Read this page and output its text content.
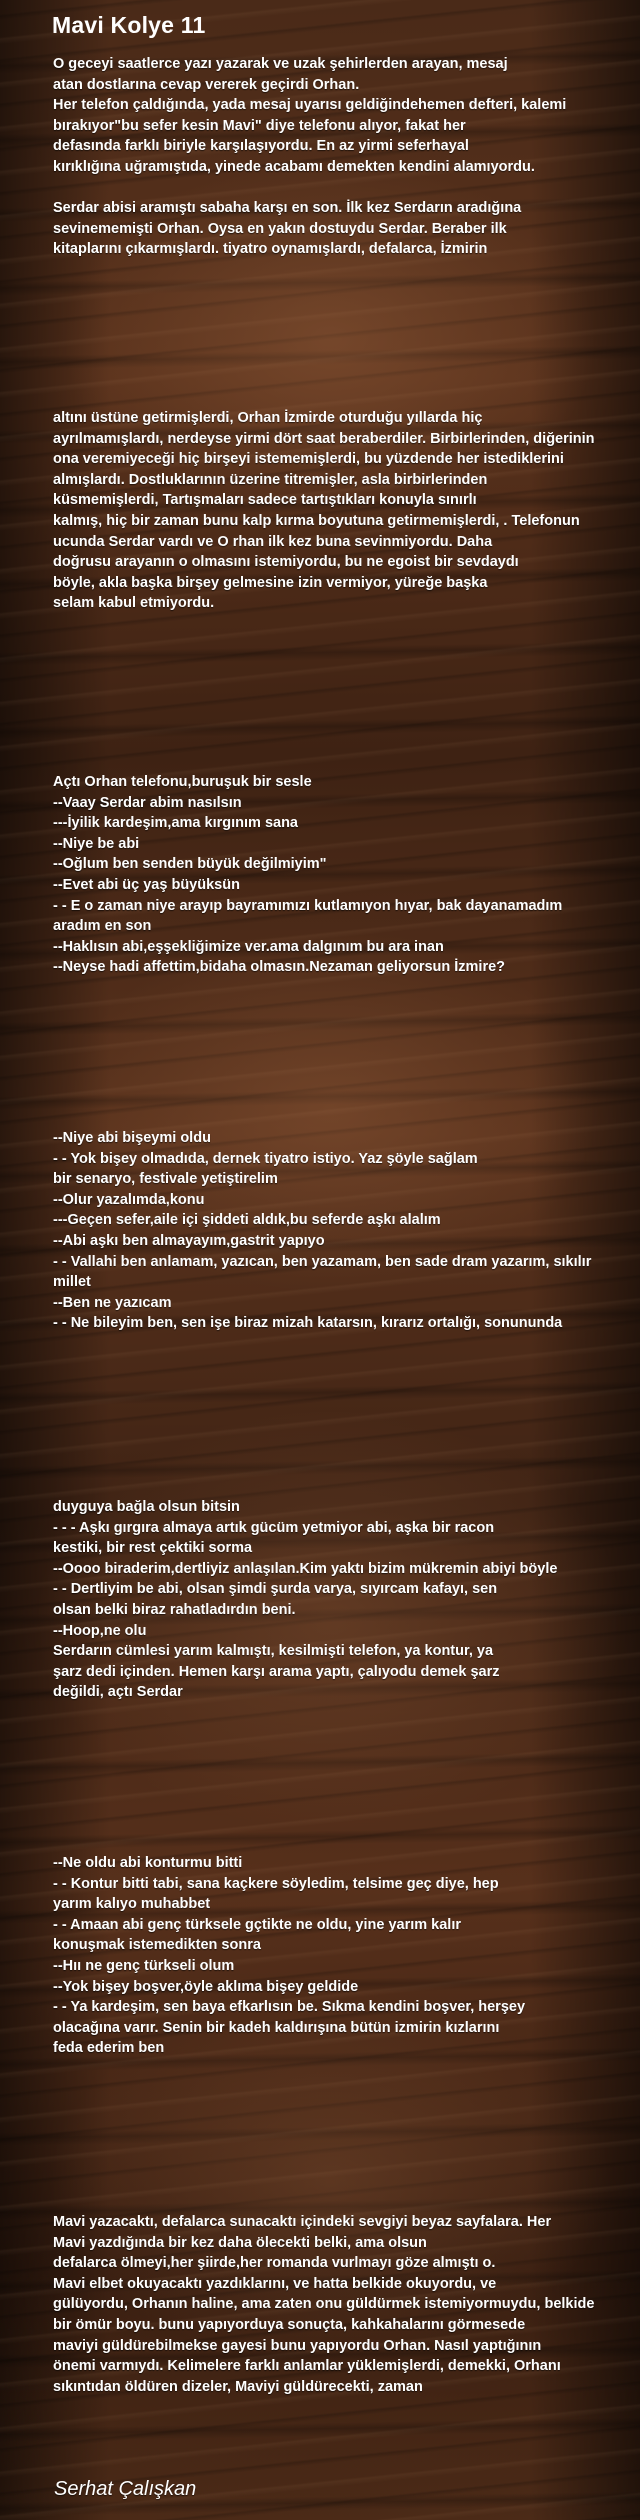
Mavi Kolye 11
O geceyi saatlerce yazı yazarak ve uzak şehirlerden arayan, mesaj
atan dostlarına cevap vererek geçirdi Orhan.
Her telefon çaldığında, yada mesaj uyarısı geldiğindehemen defteri, kalemi
bırakıyor"bu sefer kesin Mavi" diye telefonu alıyor, fakat her
defasında farklı biriyle karşılaşıyordu. En az yirmi seferhayal
kırıklığına uğramıştıda, yinede acabamı demekten kendini alamıyordu.
Serdar abisi aramıştı sabaha karşı en son. İlk kez Serdarın aradığına
sevinememişti Orhan. Oysa en yakın dostuydu Serdar. Beraber ilk
kitaplarını çıkarmışlardı. tiyatro oynamışlardı, defalarca, İzmirin
altını üstüne getirmişlerdi, Orhan İzmirde oturduğu yıllarda hiç
ayrılmamışlardı, nerdeyse yirmi dört saat beraberdiler. Birbirlerinden, diğerinin
ona veremiyeceği hiç birşeyi istememişlerdi, bu yüzdende her istediklerini
almışlardı. Dostluklarının üzerine titremişler, asla birbirlerinden
küsmemişlerdi, Tartışmaları sadece tartıştıkları konuyla sınırlı
kalmış, hiç bir zaman bunu kalp kırma boyutuna getirmemişlerdi, . Telefonun
ucunda Serdar vardı ve O rhan ilk kez buna sevinmiyordu. Daha
doğrusu arayanın o olmasını istemiyordu, bu ne egoist bir sevdaydı
böyle, akla başka birşey gelmesine izin vermiyor, yüreğe başka
selam kabul etmiyordu.
Açtı Orhan telefonu,buruşuk bir sesle
--Vaay Serdar abim nasılsın
---İyilik kardeşim,ama kırgınım sana
--Niye be abi
--Oğlum ben senden büyük değilmiyim"
--Evet abi üç yaş büyüksün
- - E o zaman niye arayıp bayramımızı kutlamıyon hıyar, bak dayanamadım
aradım en son
--Haklısın abi,eşşekliğimize ver.ama dalgınım bu ara inan
--Neyse hadi affettim,bidaha olmasın.Nezaman geliyorsun İzmire?
--Niye abi bişeymi oldu
- - Yok bişey olmadıda, dernek tiyatro istiyo. Yaz şöyle sağlam
bir senaryo, festivale yetiştirelim
--Olur yazalımda,konu
---Geçen sefer,aile içi şiddeti aldık,bu seferde aşkı alalım
--Abi aşkı ben almayayım,gastrit yapıyo
- - Vallahi ben anlamam, yazıcan, ben yazamam, ben sade dram yazarım, sıkılır
millet
--Ben ne yazıcam
- - Ne bileyim ben, sen işe biraz mizah katarsın, kırarız ortalığı, sonununda
duyguya bağla olsun bitsin
- - - Aşkı gırgıra almaya artık gücüm yetmiyor abi, aşka bir racon
kestiki, bir rest çektiki sorma
--Oooo biraderim,dertliyiz anlaşılan.Kim yaktı bizim mükremin abiyi böyle
- - Dertliyim be abi, olsan şimdi şurda varya, sıyırcam kafayı, sen
olsan belki biraz rahatladırdın beni.
--Hoop,ne olu
Serdarın cümlesi yarım kalmıştı, kesilmişti telefon, ya kontur, ya
şarz dedi içinden. Hemen karşı arama yaptı, çalıyodu demek şarz
değildi, açtı Serdar
--Ne oldu abi konturmu bitti
- - Kontur bitti tabi, sana kaçkere söyledim, telsime geç diye, hep
yarım kalıyo muhabbet
- - Amaan abi genç türksele gçtikte ne oldu, yine yarım kalır
konuşmak istemedikten sonra
--Hıı ne genç türkseli olum
--Yok bişey boşver,öyle aklıma bişey geldide
- - Ya kardeşim, sen baya efkarlısın be. Sıkma kendini boşver, herşey
olacağına varır. Senin bir kadeh kaldırışına bütün izmirin kızlarını
feda ederim ben
Mavi yazacaktı, defalarca sunacaktı içindeki sevgiyi beyaz sayfalara. Her
Mavi yazdığında bir kez daha ölecekti belki, ama olsun
defalarca ölmeyi,her şiirde,her romanda vurlmayı göze almıştı o.
Mavi elbet okuyacaktı yazdıklarını, ve hatta belkide okuyordu, ve
gülüyordu, Orhanın haline, ama zaten onu güldürmek istemiyormuydu, belkide
bir ömür boyu. bunu yapıyorduya sonuçta, kahkahalarını görmesede
maviyi güldürebilmekse gayesi bunu yapıyordu Orhan. Nasıl yaptığının
önemi varmıydı. Kelimelere farklı anlamlar yüklemişlerdi, demekki, Orhanı
sıkıntıdan öldüren dizeler, Maviyi güldürecekti, zaman
Serhat Çalışkan
